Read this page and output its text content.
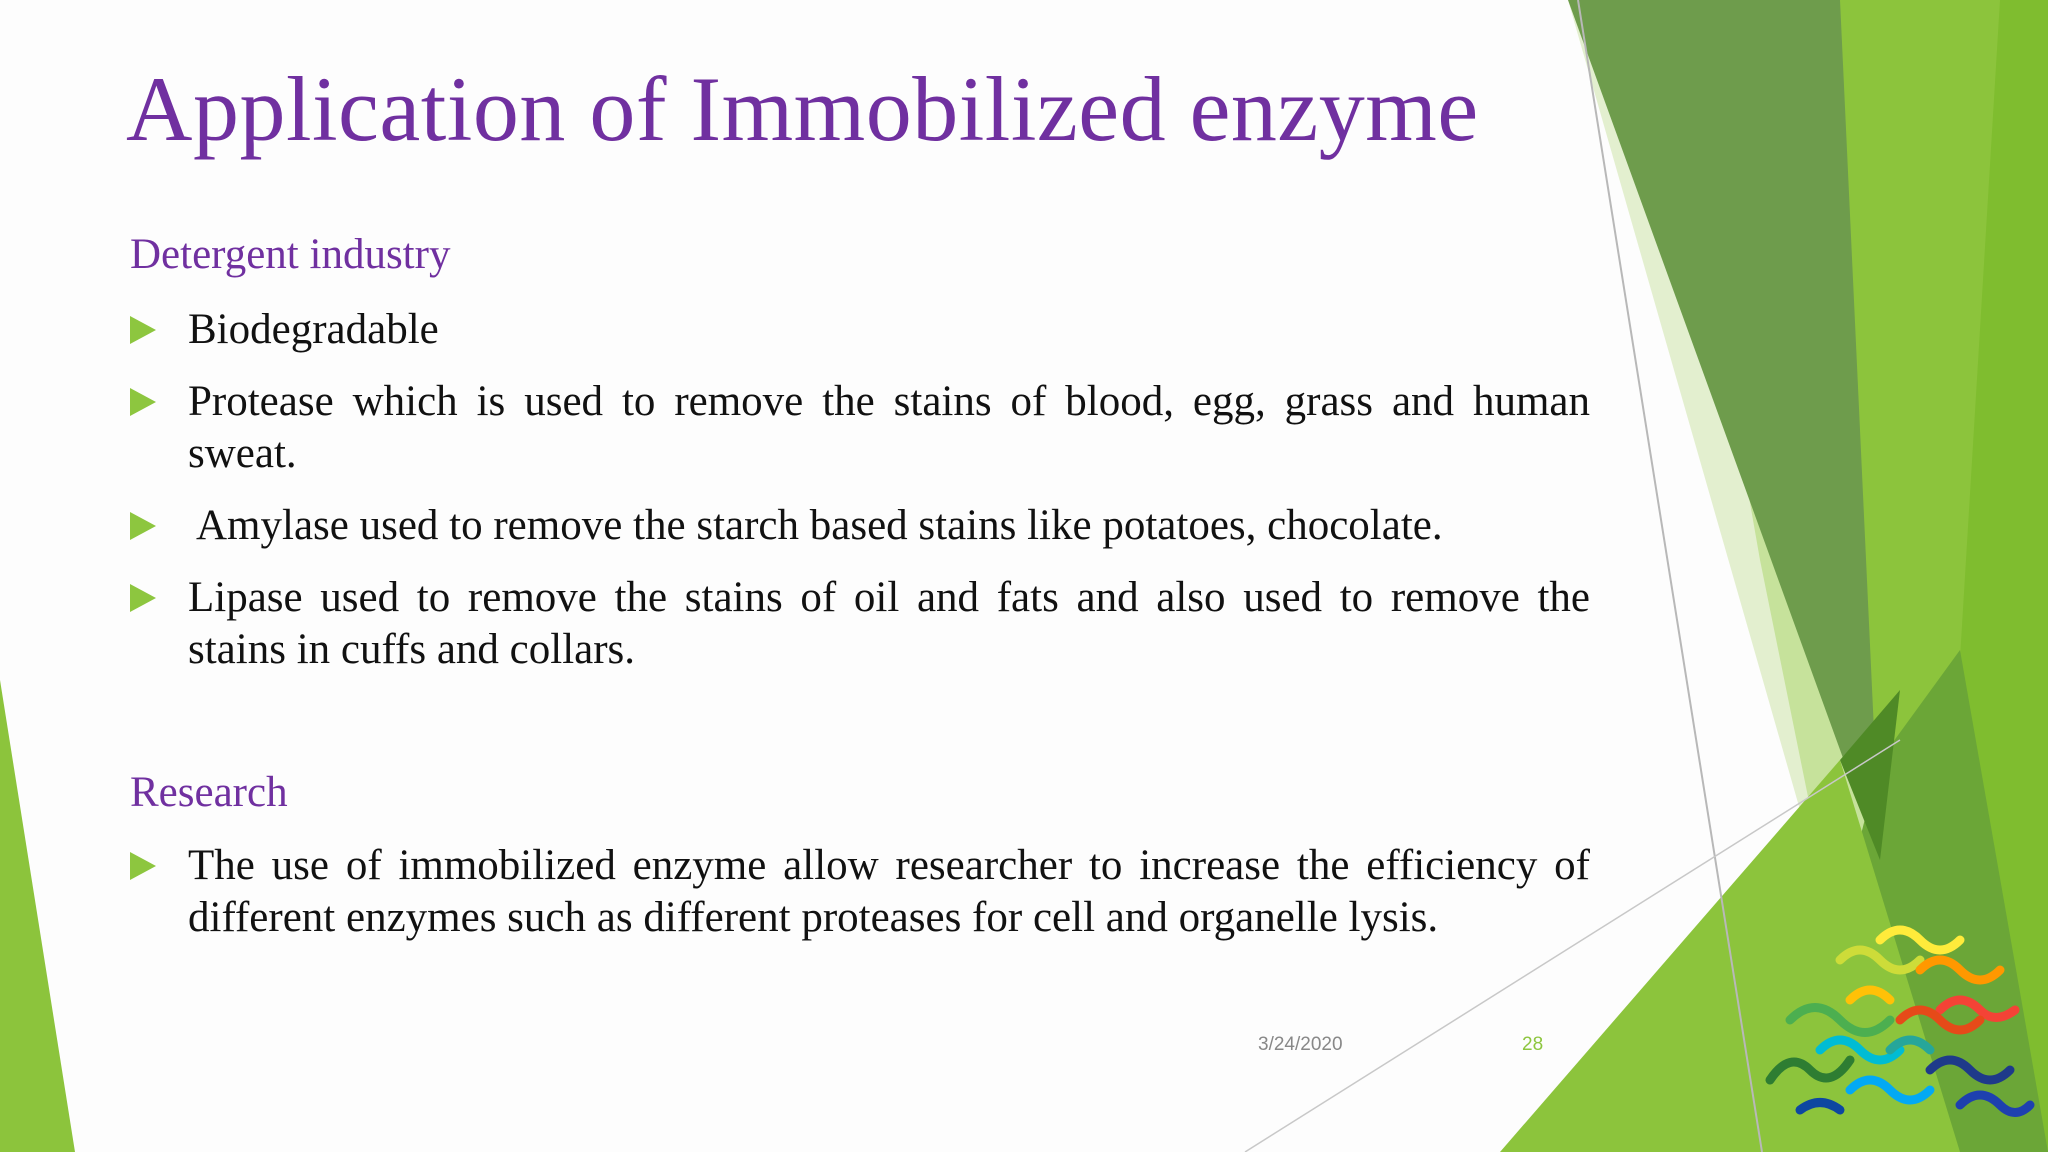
Application of Immobilized enzyme
Detergent industry
Biodegradable
Protease which is used to remove the stains of blood, egg, grass and human sweat.
Amylase used to remove the starch based stains like potatoes, chocolate.
Lipase used to remove the stains of oil and fats and also used to remove the stains in cuffs and collars.
Research
The use of immobilized enzyme allow researcher to increase the efficiency of different enzymes such as different proteases for cell and organelle lysis.
3/24/2020	28
